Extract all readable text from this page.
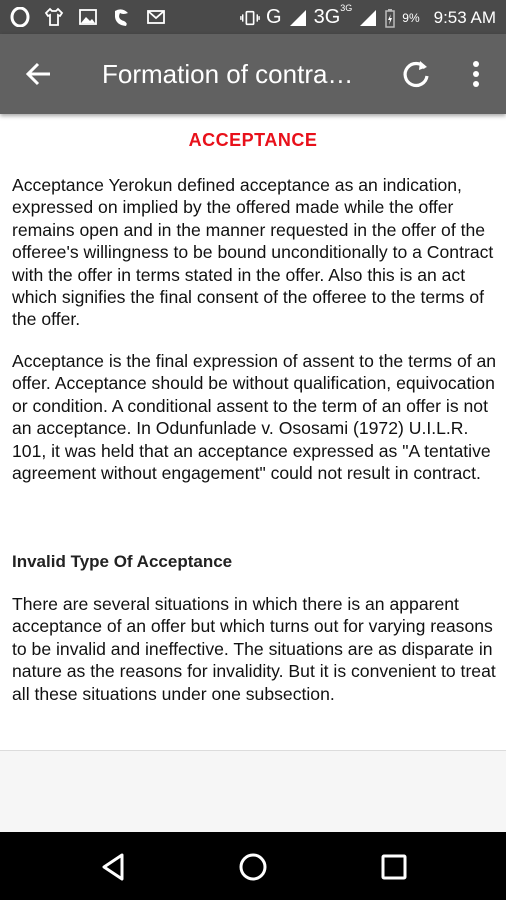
G $3G^{3G}$
9% 9:53 AM
Formation of contra…
ACCEPTANCE

Acceptance Yerokun defined acceptance as an indication, expressed on implied by the offered made while the offer remains open and in the manner requested in the offer of the offeree's willingness to be bound unconditionally to a Contract with the offer in terms stated in the offer. Also this is an act which signifies the final consent of the offeree to the terms of the offer.

Acceptance is the final expression of assent to the terms of an offer. Acceptance should be without qualification, equivocation or condition. A conditional assent to the term of an offer is not an acceptance. In Odunfunlade v. Ososami (1972) U.I.L.R. 101, it was held that an acceptance expressed as "A tentative agreement without engagement" could not result in contract.

Invalid Type Of Acceptance

There are several situations in which there is an apparent acceptance of an offer but which turns out for varying reasons to be invalid and ineffective. The situations are as disparate in nature as the reasons for invalidity. But it is convenient to treat all these situations under one subsection.
